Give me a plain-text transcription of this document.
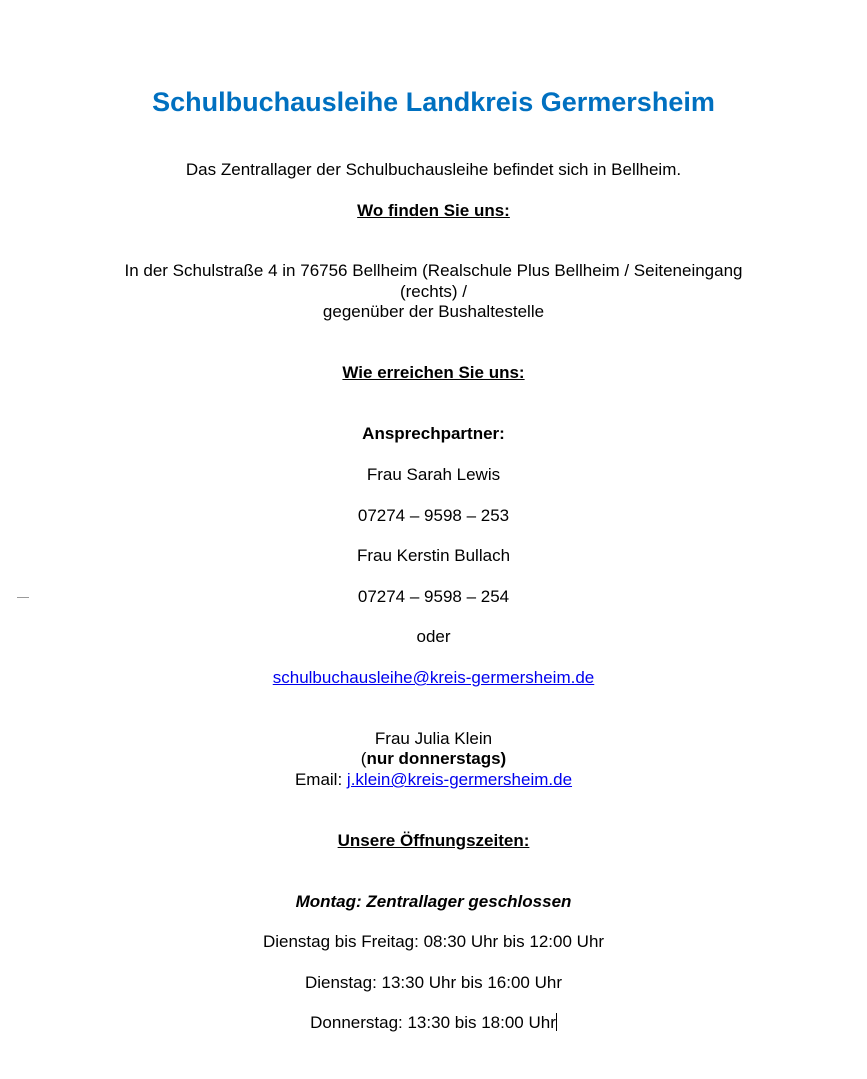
Schulbuchausleihe Landkreis Germersheim
Das Zentrallager der Schulbuchausleihe befindet sich in Bellheim.
Wo finden Sie uns:
In der Schulstraße 4 in 76756 Bellheim (Realschule Plus Bellheim / Seiteneingang
(rechts) /
gegenüber der Bushaltestelle
Wie erreichen Sie uns:
Ansprechpartner:
Frau Sarah Lewis
07274 – 9598 – 253
Frau Kerstin Bullach
07274 – 9598 – 254
oder
schulbuchausleihe@kreis-germersheim.de
Frau Julia Klein
(nur donnerstags)
Email: j.klein@kreis-germersheim.de
Unsere Öffnungszeiten:
Montag: Zentrallager geschlossen
Dienstag bis Freitag: 08:30 Uhr bis 12:00 Uhr
Dienstag: 13:30 Uhr bis 16:00 Uhr
Donnerstag: 13:30 bis 18:00 Uhr
